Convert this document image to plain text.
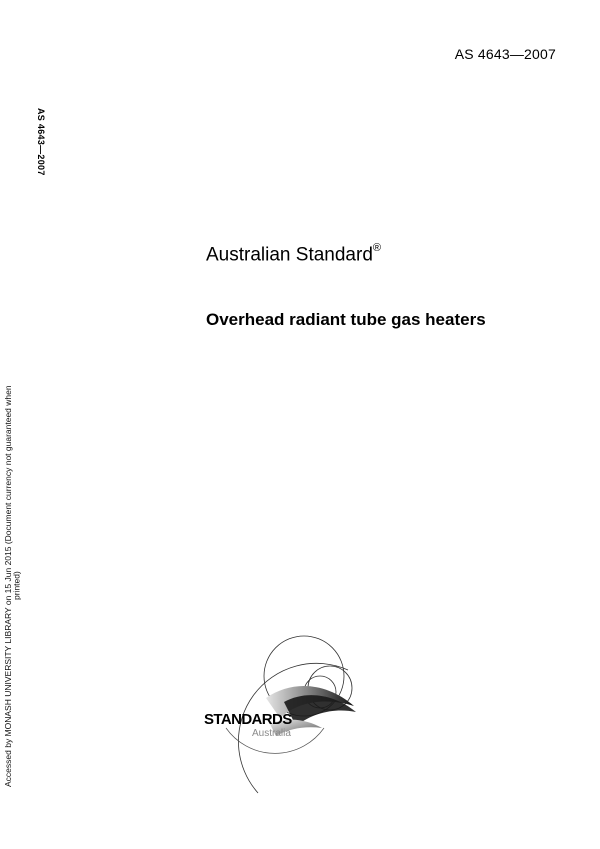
AS 4643—2007
AS 4643—2007
Accessed by MONASH UNIVERSITY LIBRARY on 15 Jun 2015 (Document currency not guaranteed when printed)
Australian Standard®
Overhead radiant tube gas heaters
STANDARDS
Australia
